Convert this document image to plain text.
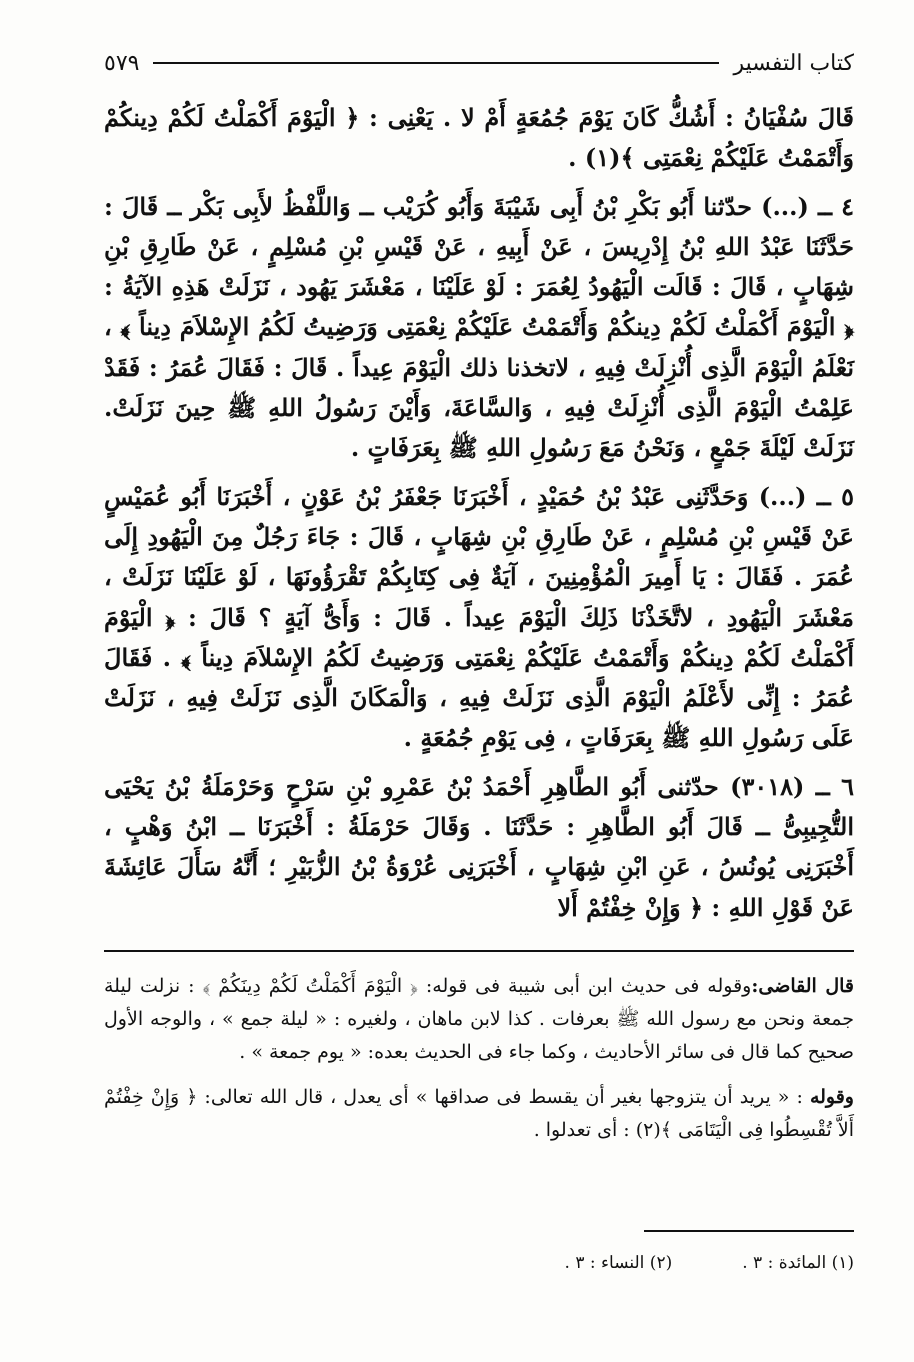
كتاب التفسير
٥٧٩

قَالَ سُفْيَانُ : أَشُكُّ كَانَ يَوْمَ جُمُعَةٍ أَمْ لا . يَعْنِى : ﴿ الْيَوْمَ أَكْمَلْتُ لَكُمْ دِينكُمْ وَأَتْمَمْتُ عَلَيْكُمْ نِعْمَتِى ﴾(١) .

٤ ــ (...) حدّثنا أَبُو بَكْرِ بْنُ أَبِى شَيْبَةَ وَأَبُو كُرَيْب ــ وَاللَّفْظُ لأَبِى بَكْر ــ قَالَ : حَدَّثَنَا عَبْدُ اللهِ بْنُ إِدْرِيسَ ، عَنْ أَبِيهِ ، عَنْ قَيْسِ بْنِ مُسْلِمٍ ، عَنْ طَارِقِ بْنِ شِهَابٍ ، قَالَ : قَالَت الْيَهُودُ لِعُمَرَ : لَوْ عَلَيْنَا ، مَعْشَرَ يَهُود ، نَزَلَتْ هَذِهِ الآيَةُ : ﴿ الْيَوْمَ أَكْمَلْتُ لَكُمْ دِينكُمْ وَأَتْمَمْتُ عَلَيْكُمْ نِعْمَتِى وَرَضِيتُ لَكُمُ الإِسْلاَمَ دِيناً ﴾ ، نَعْلَمُ الْيَوْمَ الَّذِى أُنْزِلَتْ فِيهِ ، لاتخذنا ذلك الْيَوْمَ عِيداً . قَالَ : فَقَالَ عُمَرُ : فَقَدْ عَلِمْتُ الْيَوْمَ الَّذِى أُنْزِلَتْ فِيهِ ، وَالسَّاعَةَ، وَأَيْنَ رَسُولُ اللهِ ﷺ حِينَ نَزَلَتْ. نَزَلَتْ لَيْلَةَ جَمْعٍ ، وَنَحْنُ مَعَ رَسُولِ اللهِ ﷺ بِعَرَفَاتٍ .

٥ ــ (...) وَحَدَّثَنِى عَبْدُ بْنُ حُمَيْدٍ ، أَخْبَرَنَا جَعْفَرُ بْنُ عَوْنٍ ، أَخْبَرَنَا أَبُو عُمَيْسٍ عَنْ قَيْسِ بْنِ مُسْلِمٍ ، عَنْ طَارِقِ بْنِ شِهَابٍ ، قَالَ : جَاءَ رَجُلٌ مِنَ الْيَهُودِ إِلَى عُمَرَ . فَقَالَ : يَا أَمِيرَ الْمُؤْمِنِينَ ، آيَةٌ فِى كِتَابِكُمْ تَقْرَؤُونَهَا ، لَوْ عَلَيْنَا نَزَلَتْ ، مَعْشَرَ الْيَهُودِ ، لاتَّخَذْنَا ذَلِكَ الْيَوْمَ عِيداً . قَالَ : وَأَىُّ آيَةٍ ؟ قَالَ : ﴿ الْيَوْمَ أَكْمَلْتُ لَكُمْ دِينكُمْ وَأَتْمَمْتُ عَلَيْكُمْ نِعْمَتِى وَرَضِيتُ لَكُمُ الإِسْلاَمَ دِيناً ﴾ . فَقَالَ عُمَرُ : إِنِّى لأَعْلَمُ الْيَوْمَ الَّذِى نَزَلَتْ فِيهِ ، وَالْمَكَانَ الَّذِى نَزَلَتْ فِيهِ ، نَزَلَتْ عَلَى رَسُولِ اللهِ ﷺ بِعَرَفَاتٍ ، فِى يَوْمِ جُمُعَةٍ .

٦ ــ (٣٠١٨) حدّثنى أَبُو الطَّاهِرِ أَحْمَدُ بْنُ عَمْرِو بْنِ سَرْحٍ وَحَرْمَلَةُ بْنُ يَحْيَى التُّجِيبِىُّ ــ قَالَ أَبُو الطَّاهِرِ : حَدَّثَنَا . وَقَالَ حَرْمَلَةُ : أَخْبَرَنَا ــ ابْنُ وَهْبٍ ، أَخْبَرَنِى يُونُسُ ، عَنِ ابْنِ شِهَابٍ ، أَخْبَرَنِى عُرْوَةُ بْنُ الزُّبَيْرِ ؛ أَنَّهُ سَأَلَ عَائِشَةَ عَنْ قَوْلِ اللهِ : ﴿ وَإِنْ خِفْتُمْ أَلا

قال القاضى:وقوله فى حديث ابن أبى شيبة فى قوله: ﴿ الْيَوْمَ أَكْمَلْتُ لَكُمْ دِينَكُمْ ﴾ : نزلت ليلة جمعة ونحن مع رسول الله ﷺ بعرفات . كذا لابن ماهان ، ولغيره : « ليلة جمع » ، والوجه الأول صحيح كما قال فى سائر الأحاديث ، وكما جاء فى الحديث بعده: « يوم جمعة » .

وقوله : « يريد أن يتزوجها بغير أن يقسط فى صداقها » أى يعدل ، قال الله تعالى: ﴿ وَإِنْ خِفْتُمْ أَلاَّ تُقْسِطُوا فِى الْيَتَامَى ﴾(٢) : أى تعدلوا .

(١) المائدة : ٣ .
(٢) النساء : ٣ .
